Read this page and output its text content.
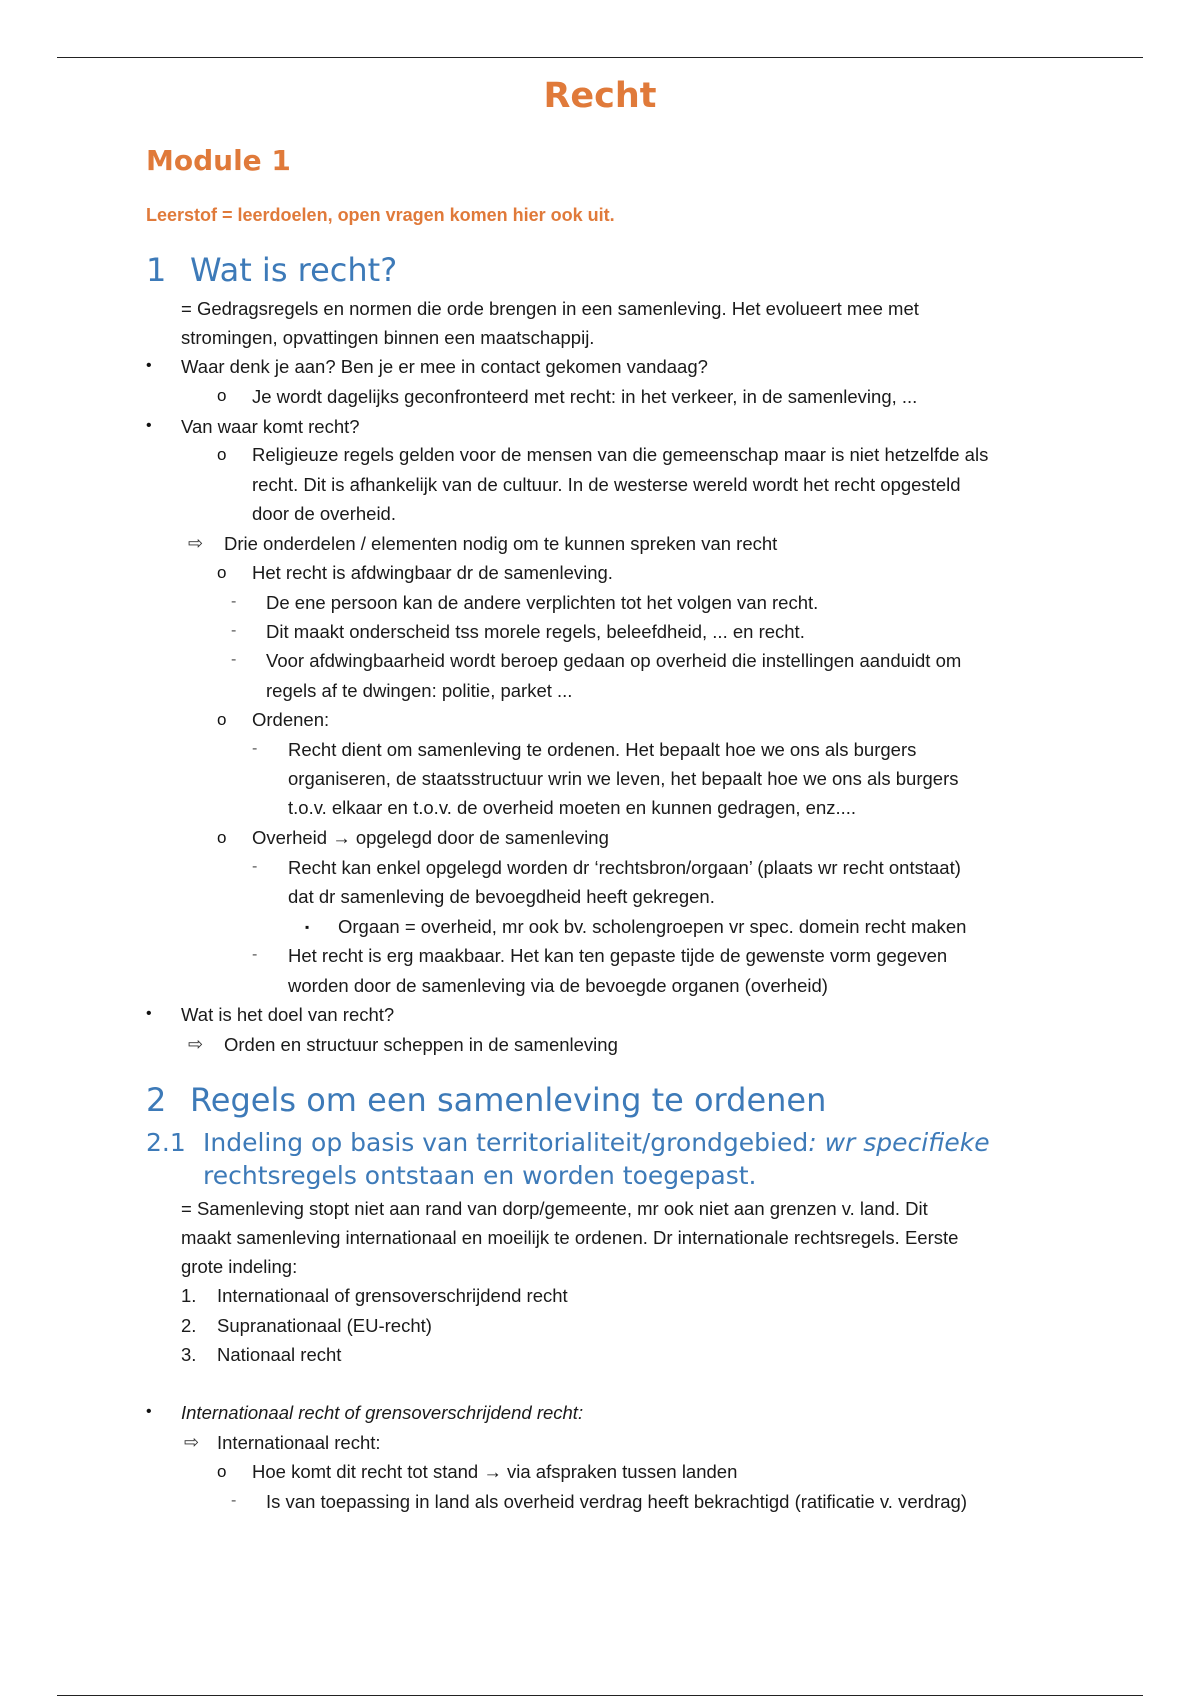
Recht
Module 1
Leerstof = leerdoelen, open vragen komen hier ook uit.
1 Wat is recht?
= Gedragsregels en normen die orde brengen in een samenleving. Het evolueert mee met
stromingen, opvattingen binnen een maatschappij.
• Waar denk je aan? Ben je er mee in contact gekomen vandaag?
o Je wordt dagelijks geconfronteerd met recht: in het verkeer, in de samenleving, ...
• Van waar komt recht?
o Religieuze regels gelden voor de mensen van die gemeenschap maar is niet hetzelfde als
recht. Dit is afhankelijk van de cultuur. In de westerse wereld wordt het recht opgesteld
door de overheid.
⇨ Drie onderdelen / elementen nodig om te kunnen spreken van recht
o Het recht is afdwingbaar dr de samenleving.
- De ene persoon kan de andere verplichten tot het volgen van recht.
- Dit maakt onderscheid tss morele regels, beleefdheid, ... en recht.
- Voor afdwingbaarheid wordt beroep gedaan op overheid die instellingen aanduidt om
regels af te dwingen: politie, parket ...
o Ordenen:
- Recht dient om samenleving te ordenen. Het bepaalt hoe we ons als burgers
organiseren, de staatsstructuur wrin we leven, het bepaalt hoe we ons als burgers
t.o.v. elkaar en t.o.v. de overheid moeten en kunnen gedragen, enz....
o Overheid → opgelegd door de samenleving
- Recht kan enkel opgelegd worden dr ‘rechtsbron/orgaan’ (plaats wr recht ontstaat)
dat dr samenleving de bevoegdheid heeft gekregen.
▪ Orgaan = overheid, mr ook bv. scholengroepen vr spec. domein recht maken
- Het recht is erg maakbaar. Het kan ten gepaste tijde de gewenste vorm gegeven
worden door de samenleving via de bevoegde organen (overheid)
• Wat is het doel van recht?
⇨ Orden en structuur scheppen in de samenleving
2 Regels om een samenleving te ordenen
2.1 Indeling op basis van territorialiteit/grondgebied: wr specifieke
rechtsregels ontstaan en worden toegepast.
= Samenleving stopt niet aan rand van dorp/gemeente, mr ook niet aan grenzen v. land. Dit
maakt samenleving internationaal en moeilijk te ordenen. Dr internationale rechtsregels. Eerste
grote indeling:
1. Internationaal of grensoverschrijdend recht
2. Supranationaal (EU-recht)
3. Nationaal recht
• Internationaal recht of grensoverschrijdend recht:
⇨ Internationaal recht:
o Hoe komt dit recht tot stand → via afspraken tussen landen
- Is van toepassing in land als overheid verdrag heeft bekrachtigd (ratificatie v. verdrag)
